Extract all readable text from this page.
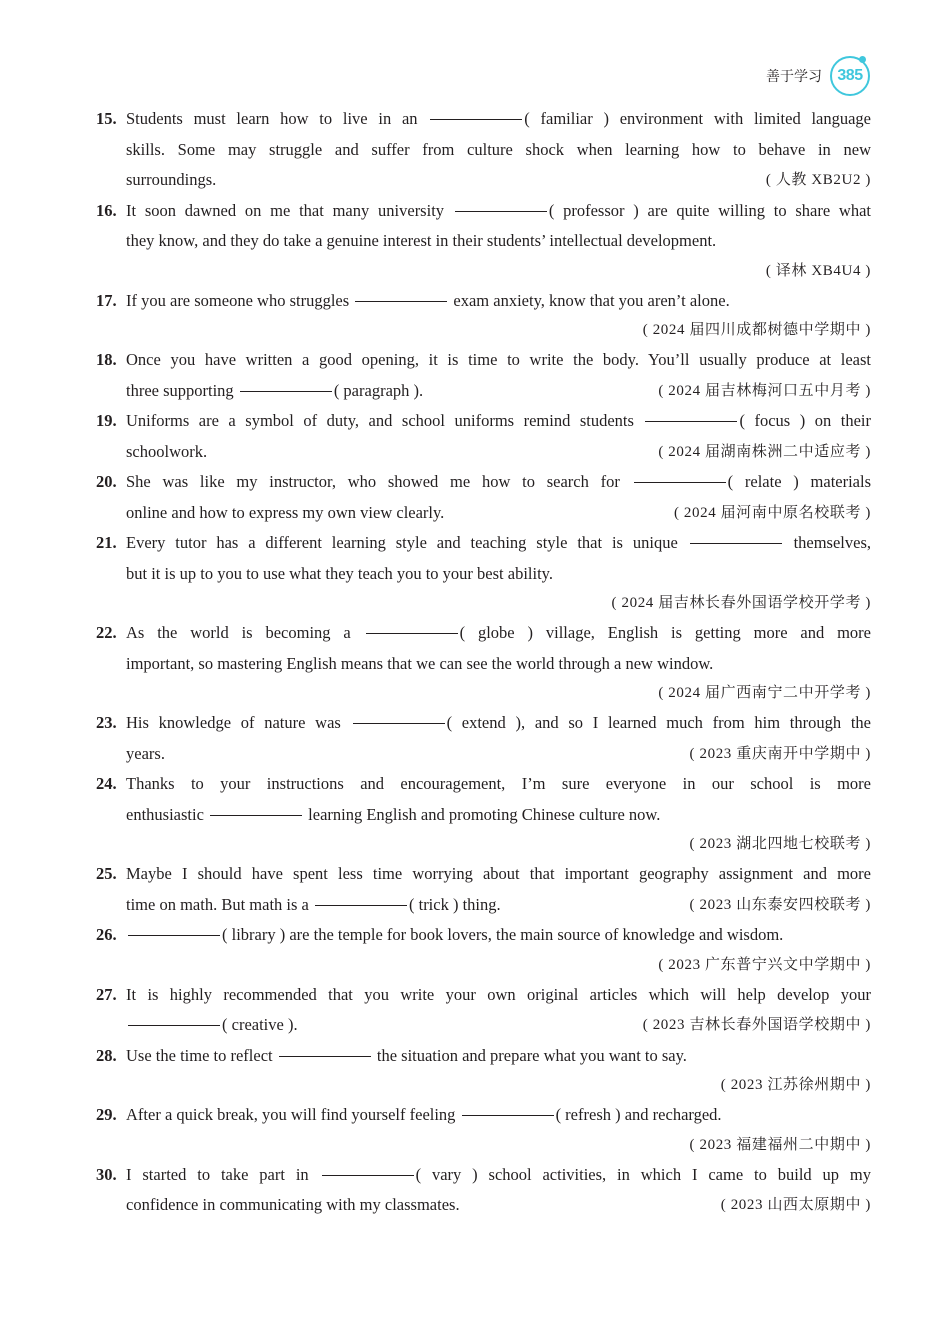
善于学习 385
15. Students must learn how to live in an	( familiar ) environment with limited language
skills. Some may struggle and suffer from culture shock when learning how to behave in new
surroundings.	( 人教 XB2U2 )
16. It soon dawned on me that many university	( professor ) are quite willing to share what
they know, and they do take a genuine interest in their students’ intellectual development.
( 译林 XB4U4 )
17. If you are someone who struggles	exam anxiety, know that you aren’t alone.
( 2024 届四川成都树德中学期中 )
18. Once you have written a good opening, it is time to write the body. You’ll usually produce at least
three supporting	( paragraph ).	( 2024 届吉林梅河口五中月考 )
19. Uniforms are a symbol of duty, and school uniforms remind students	( focus ) on their
schoolwork.	( 2024 届湖南株洲二中适应考 )
20. She was like my instructor, who showed me how to search for	( relate ) materials
online and how to express my own view clearly.	( 2024 届河南中原名校联考 )
21. Every tutor has a different learning style and teaching style that is unique	themselves,
but it is up to you to use what they teach you to your best ability.
( 2024 届吉林长春外国语学校开学考 )
22. As the world is becoming a	( globe ) village, English is getting more and more
important, so mastering English means that we can see the world through a new window.
( 2024 届广西南宁二中开学考 )
23. His knowledge of nature was	( extend ), and so I learned much from him through the
years.	( 2023 重庆南开中学期中 )
24. Thanks to your instructions and encouragement, I’m sure everyone in our school is more
enthusiastic	learning English and promoting Chinese culture now.
( 2023 湖北四地七校联考 )
25. Maybe I should have spent less time worrying about that important geography assignment and more
time on math. But math is a	( trick ) thing.	( 2023 山东泰安四校联考 )
26.	( library ) are the temple for book lovers, the main source of knowledge and wisdom.
( 2023 广东普宁兴文中学期中 )
27. It is highly recommended that you write your own original articles which will help develop your
( creative ).	( 2023 吉林长春外国语学校期中 )
28. Use the time to reflect	the situation and prepare what you want to say.
( 2023 江苏徐州期中 )
29. After a quick break, you will find yourself feeling	( refresh ) and recharged.
( 2023 福建福州二中期中 )
30. I started to take part in	( vary ) school activities, in which I came to build up my
confidence in communicating with my classmates.	( 2023 山西太原期中 )
